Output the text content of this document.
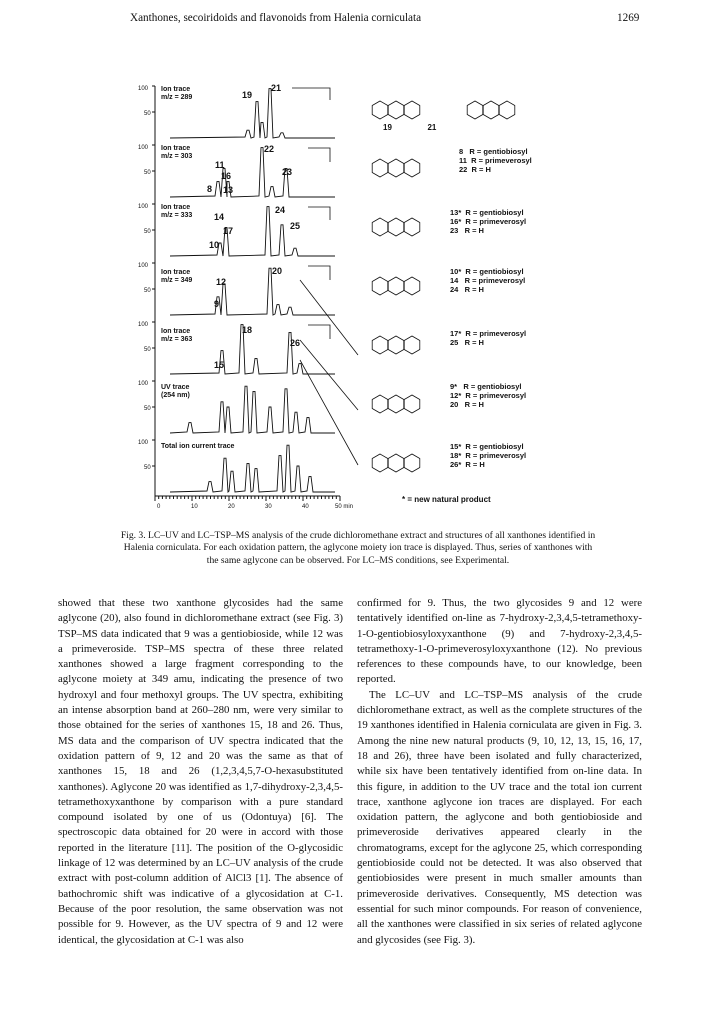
Xanthones, secoiridoids and flavonoids from Halenia corniculata	1269
100
50
100
50
100
50
100
50
100
50
100
50
100
50
0	10	20	30	40	50 min
Ion trace
m/z = 289
Ion trace
m/z = 303
Ion trace
m/z = 333
Ion trace
m/z = 349
Ion trace
m/z = 363
UV trace
(254 nm)
Total ion current trace
19
21
22
11
16	23
8 13
24
14
17	25
10
20
12
9
18
26
15
19                21
8   R = gentiobiosyl
11  R = primeverosyl
22  R = H
13*  R = gentiobiosyl
16*  R = primeverosyl
23   R = H
10*  R = gentiobiosyl
14   R = primeverosyl
24   R = H
17*  R = primeverosyl
25   R = H
9*   R = gentiobiosyl
12*  R = primeverosyl
20   R = H
15*  R = gentiobiosyl
18*  R = primeverosyl
26*  R = H
* = new natural product
Fig. 3. LC–UV and LC–TSP–MS analysis of the crude dichloromethane extract and structures of all xanthones identified in Halenia corniculata. For each oxidation pattern, the aglycone moiety ion trace is displayed. Thus, series of xanthones with the same aglycone can be observed. For LC–MS conditions, see Experimental.

showed that these two xanthone glycosides had the same aglycone (20), also found in dichloromethane extract (see Fig. 3) TSP–MS data indicated that 9 was a gentiobioside, while 12 was a primeveroside. TSP–MS spectra of these three related xanthones showed a large fragment corresponding to the aglycone moiety at 349 amu, indicating the presence of two hydroxyl and four methoxyl groups. The UV spectra, exhibiting an intense absorption band at 260–280 nm, were very similar to those obtained for the series of xanthones 15, 18 and 26. Thus, MS data and the comparison of UV spectra indicated that the oxidation pattern of 9, 12 and 20 was the same as that of xanthones 15, 18 and 26 (1,2,3,4,5,7-O-hexasubstituted xanthones). Aglycone 20 was identified as 1,7-dihydroxy-2,3,4,5-tetramethoxyxanthone by comparison with a pure standard compound isolated by one of us (Odontuya) [6]. The spectroscopic data obtained for 20 were in accord with those reported in the literature [11]. The position of the O-glycosidic linkage of 12 was determined by an LC–UV analysis of the crude extract with post-column addition of AlCl3 [1]. The absence of bathochromic shift was indicative of a glycosidation at C-1. Because of the poor resolution, the same observation was not possible for 9. However, as the UV spectra of 9 and 12 were identical, the glycosidation at C-1 was also

confirmed for 9. Thus, the two glycosides 9 and 12 were tentatively identified on-line as 7-hydroxy-2,3,4,5-tetramethoxy-1-O-gentiobiosyloxyxanthone (9) and 7-hydroxy-2,3,4,5-tetramethoxy-1-O-primeverosyloxyxanthone (12). No previous references to these compounds have, to our knowledge, been reported.

The LC–UV and LC–TSP–MS analysis of the crude dichloromethane extract, as well as the complete structures of the 19 xanthones identified in Halenia corniculata are given in Fig. 3. Among the nine new natural products (9, 10, 12, 13, 15, 16, 17, 18 and 26), three have been isolated and fully characterized, while six have been tentatively identified from on-line data. In this figure, in addition to the UV trace and the total ion current trace, xanthone aglycone ion traces are displayed. For each oxidation pattern, the aglycone and both gentiobioside and primeveroside derivatives appeared clearly in the chromatograms, except for the aglycone 25, which corresponding gentiobioside could not be detected. It was also observed that gentiobiosides were present in much smaller amounts than primeveroside derivatives. Consequently, MS detection was essential for such minor compounds. For reason of convenience, all the xanthones were classified in six series of related aglycone and glycosides (see Fig. 3).
